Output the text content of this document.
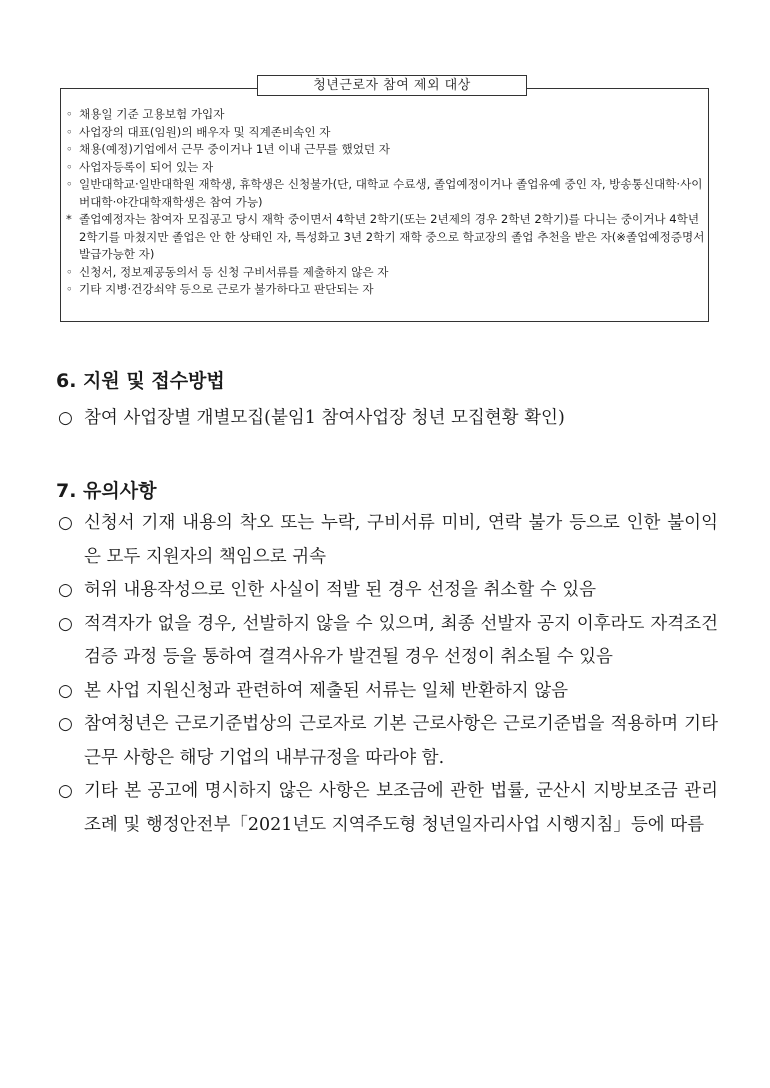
청년근로자 참여 제외 대상
◦ 채용일 기준 고용보험 가입자
◦ 사업장의 대표(임원)의 배우자 및 직계존비속인 자
◦ 채용(예정)기업에서 근무 중이거나 1년 이내 근무를 했었던 자
◦ 사업자등록이 되어 있는 자
◦ 일반대학교·일반대학원 재학생, 휴학생은 신청불가(단, 대학교 수료생, 졸업예정이거나 졸업유예 중인 자, 방송통신대학·사이버대학·야간대학재학생은 참여 가능)
* 졸업예정자는 참여자 모집공고 당시 재학 중이면서 4학년 2학기(또는 2년제의 경우 2학년 2학기)를 다니는 중이거나 4학년 2학기를 마쳤지만 졸업은 안 한 상태인 자, 특성화고 3년 2학기 재학 중으로 학교장의 졸업 추천을 받은 자(※졸업예정증명서 발급가능한 자)
◦ 신청서, 정보제공동의서 등 신청 구비서류를 제출하지 않은 자
◦ 기타 지병·건강쇠약 등으로 근로가 불가하다고 판단되는 자
6. 지원 및 접수방법
○ 참여 사업장별 개별모집(붙임1 참여사업장 청년 모집현황 확인)
7. 유의사항
○ 신청서 기재 내용의 착오 또는 누락, 구비서류 미비, 연락 불가 등으로 인한 불이익은 모두 지원자의 책임으로 귀속
○ 허위 내용작성으로 인한 사실이 적발 된 경우 선정을 취소할 수 있음
○ 적격자가 없을 경우, 선발하지 않을 수 있으며, 최종 선발자 공지 이후라도 자격조건 검증 과정 등을 통하여 결격사유가 발견될 경우 선정이 취소될 수 있음
○ 본 사업 지원신청과 관련하여 제출된 서류는 일체 반환하지 않음
○ 참여청년은 근로기준법상의 근로자로 기본 근로사항은 근로기준법을 적용하며 기타 근무 사항은 해당 기업의 내부규정을 따라야 함.
○ 기타 본 공고에 명시하지 않은 사항은 보조금에 관한 법률, 군산시 지방보조금 관리 조례 및 행정안전부「2021년도 지역주도형 청년일자리사업 시행지침」등에 따름
